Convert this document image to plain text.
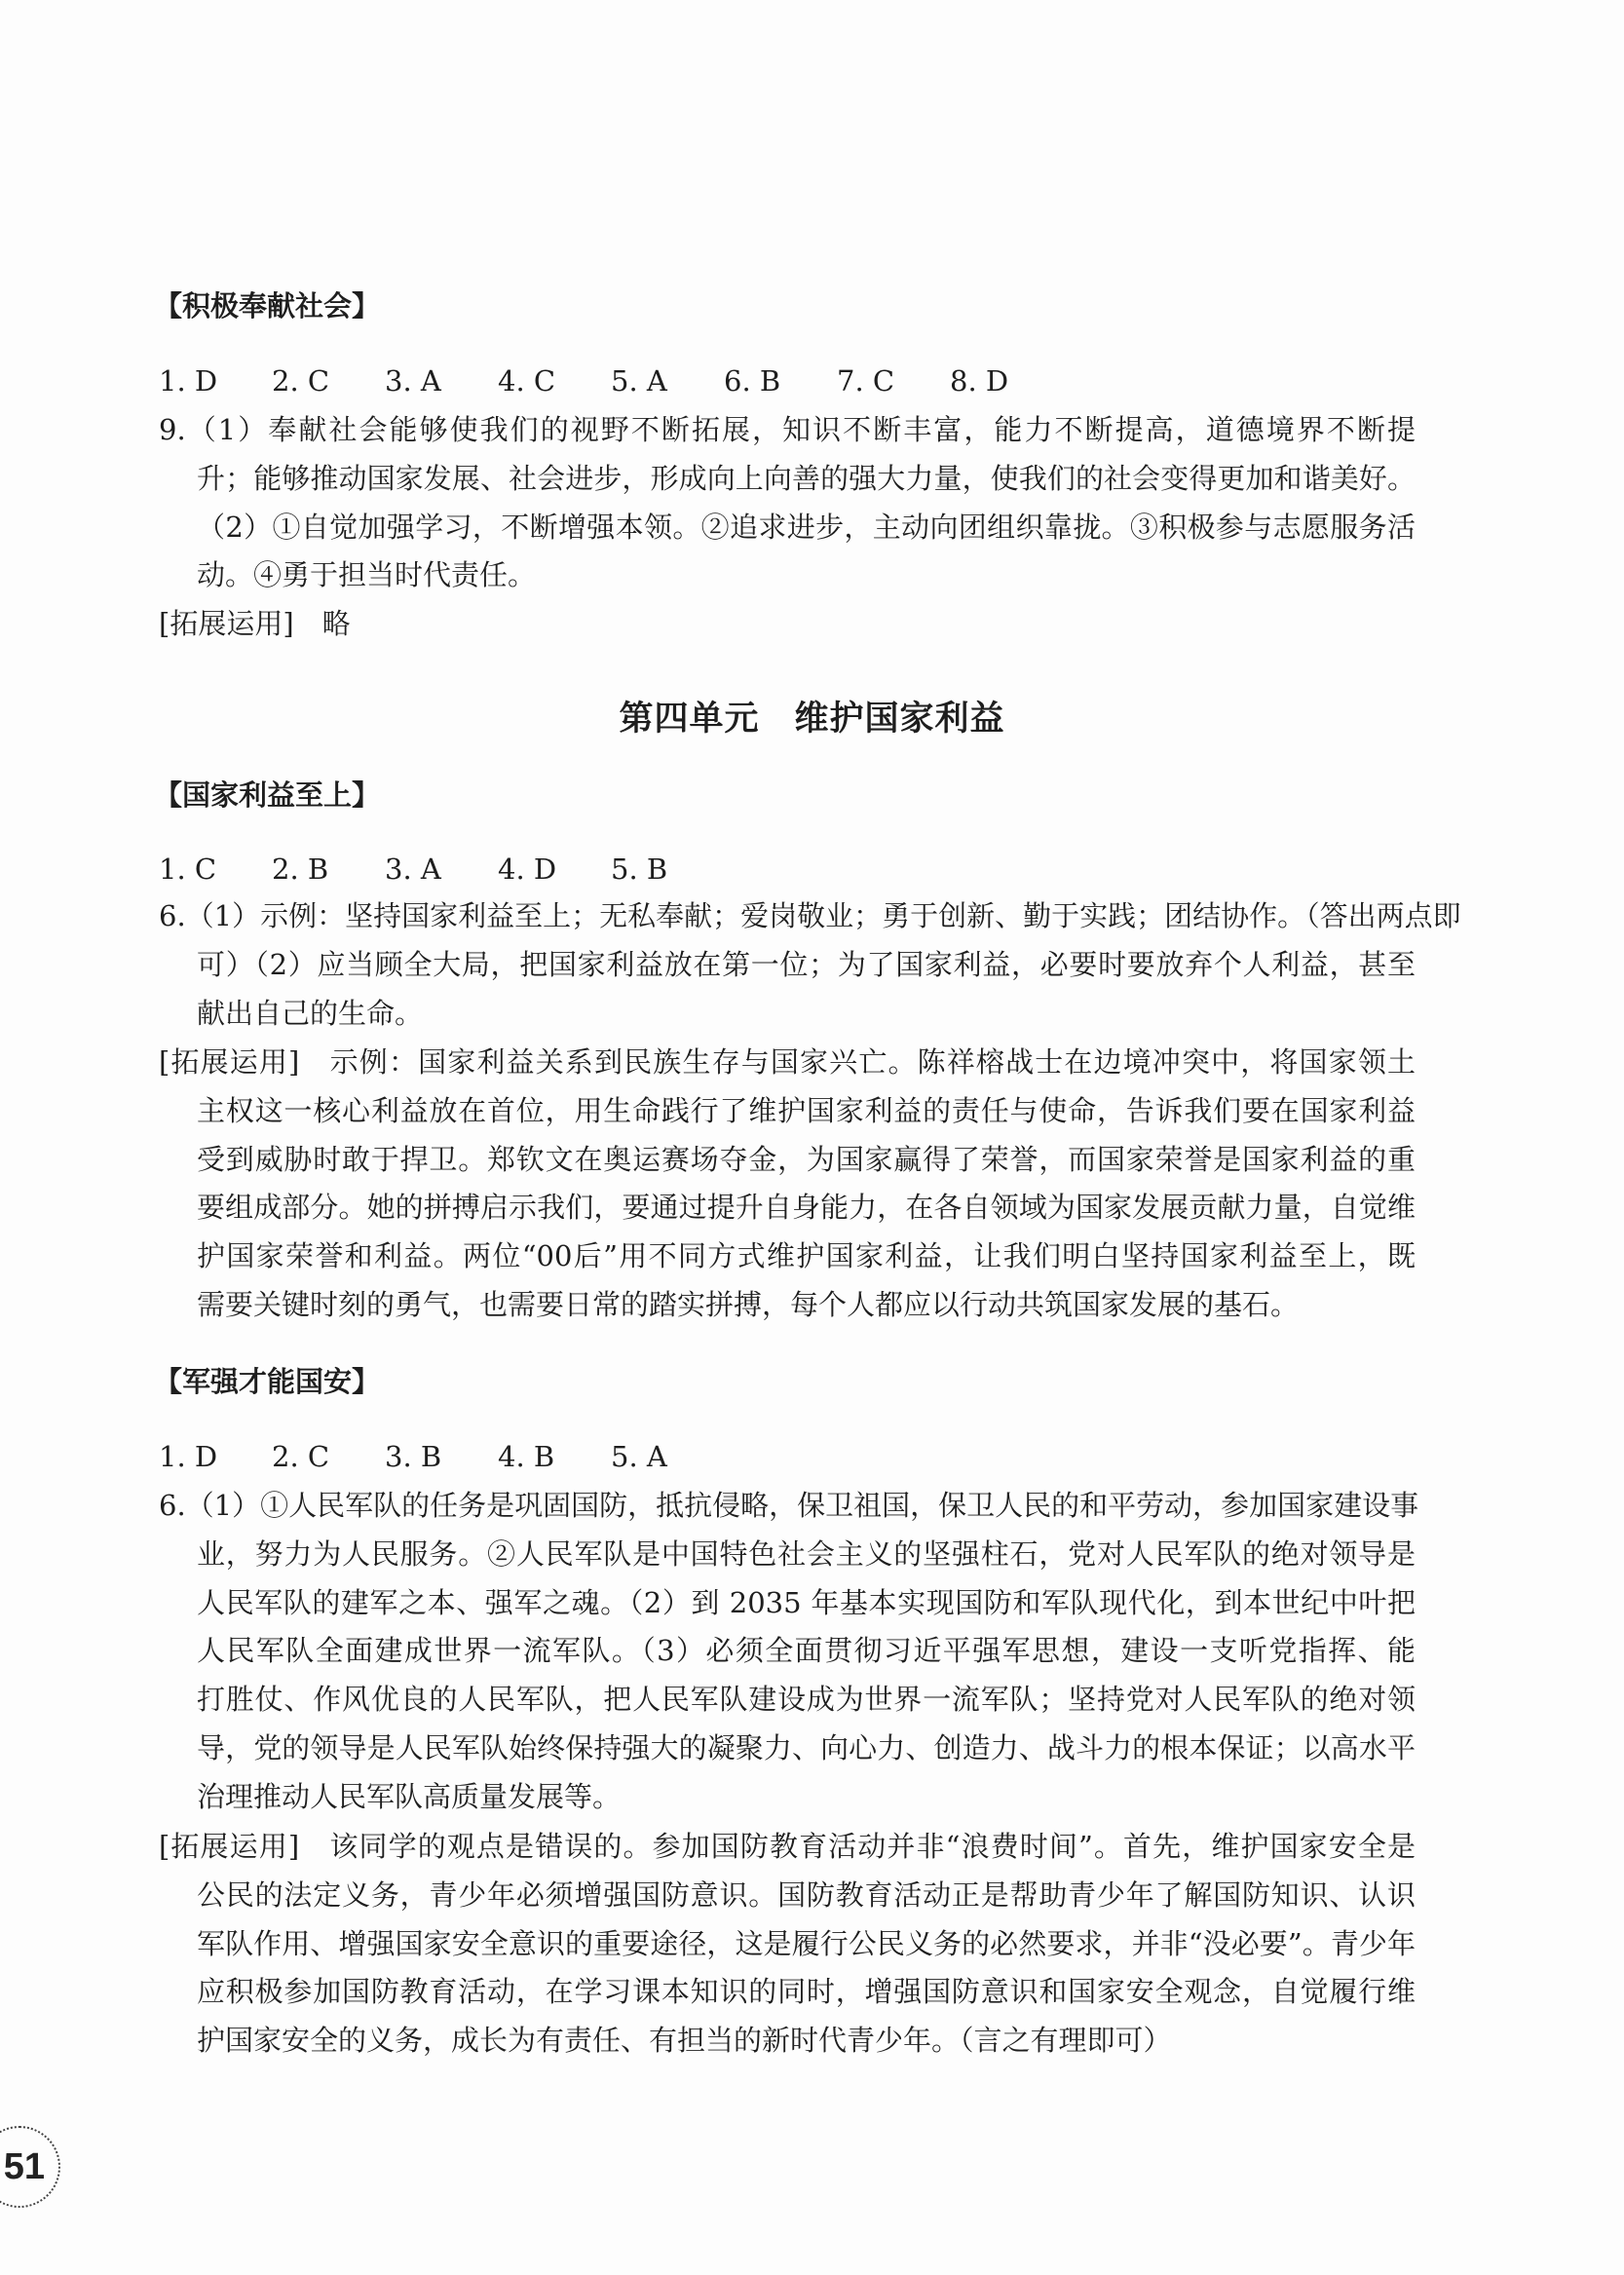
第四单元　维护国家利益
51
【积极奉献社会】
1. D	2. C	3. A	4. C	5. A	6. B	7. C	8. D
9.（1）奉献社会能够使我们的视野不断拓展，知识不断丰富，能力不断提高，道德境界不断提
升；能够推动国家发展、社会进步，形成向上向善的强大力量，使我们的社会变得更加和谐美好。
（2）①自觉加强学习，不断增强本领。②追求进步，主动向团组织靠拢。③积极参与志愿服务活
动。④勇于担当时代责任。
[拓展运用]　略
【国家利益至上】
1. C	2. B	3. A	4. D	5. B
6.（1）示例：坚持国家利益至上；无私奉献；爱岗敬业；勇于创新、勤于实践；团结协作。（答出两点即
可）（2）应当顾全大局，把国家利益放在第一位；为了国家利益，必要时要放弃个人利益，甚至
献出自己的生命。
[拓展运用]　示例：国家利益关系到民族生存与国家兴亡。陈祥榕战士在边境冲突中，将国家领土
主权这一核心利益放在首位，用生命践行了维护国家利益的责任与使命，告诉我们要在国家利益
受到威胁时敢于捍卫。郑钦文在奥运赛场夺金，为国家赢得了荣誉，而国家荣誉是国家利益的重
要组成部分。她的拼搏启示我们，要通过提升自身能力，在各自领域为国家发展贡献力量，自觉维
护国家荣誉和利益。两位“00后”用不同方式维护国家利益，让我们明白坚持国家利益至上，既
需要关键时刻的勇气，也需要日常的踏实拼搏，每个人都应以行动共筑国家发展的基石。
【军强才能国安】
1. D	2. C	3. B	4. B	5. A
6.（1）①人民军队的任务是巩固国防，抵抗侵略，保卫祖国，保卫人民的和平劳动，参加国家建设事
业，努力为人民服务。②人民军队是中国特色社会主义的坚强柱石，党对人民军队的绝对领导是
人民军队的建军之本、强军之魂。（2）到 2035 年基本实现国防和军队现代化，到本世纪中叶把
人民军队全面建成世界一流军队。（3）必须全面贯彻习近平强军思想，建设一支听党指挥、能
打胜仗、作风优良的人民军队，把人民军队建设成为世界一流军队；坚持党对人民军队的绝对领
导，党的领导是人民军队始终保持强大的凝聚力、向心力、创造力、战斗力的根本保证；以高水平
治理推动人民军队高质量发展等。
[拓展运用]　该同学的观点是错误的。参加国防教育活动并非“浪费时间”。首先，维护国家安全是
公民的法定义务，青少年必须增强国防意识。国防教育活动正是帮助青少年了解国防知识、认识
军队作用、增强国家安全意识的重要途径，这是履行公民义务的必然要求，并非“没必要”。青少年
应积极参加国防教育活动，在学习课本知识的同时，增强国防意识和国家安全观念，自觉履行维
护国家安全的义务，成长为有责任、有担当的新时代青少年。（言之有理即可）
